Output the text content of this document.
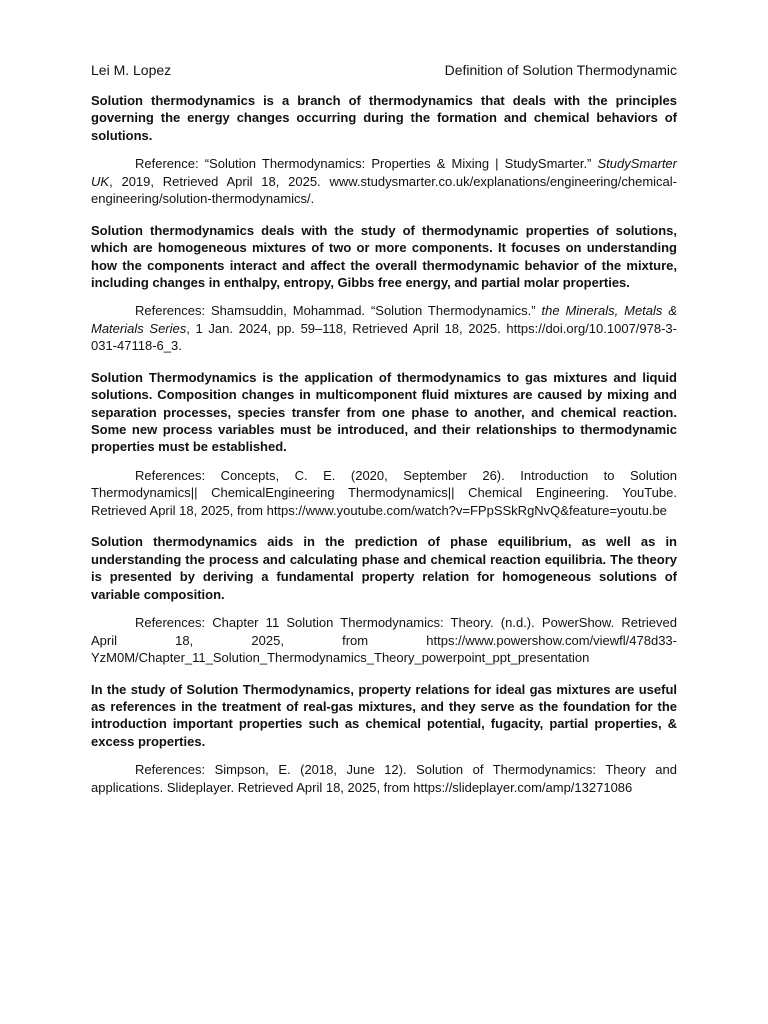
Lei M. Lopez	Definition of Solution Thermodynamic

Solution thermodynamics is a branch of thermodynamics that deals with the principles governing the energy changes occurring during the formation and chemical behaviors of solutions.

Reference: “Solution Thermodynamics: Properties & Mixing | StudySmarter.” StudySmarter UK, 2019, Retrieved April 18, 2025. www.studysmarter.co.uk/explanations/engineering/chemical-engineering/solution-thermodynamics/.

Solution thermodynamics deals with the study of thermodynamic properties of solutions, which are homogeneous mixtures of two or more components. It focuses on understanding how the components interact and affect the overall thermodynamic behavior of the mixture, including changes in enthalpy, entropy, Gibbs free energy, and partial molar properties.

References: Shamsuddin, Mohammad. “Solution Thermodynamics.” the Minerals, Metals & Materials Series, 1 Jan. 2024, pp. 59–118, Retrieved April 18, 2025. https://doi.org/10.1007/978-3-031-47118-6_3.

Solution Thermodynamics is the application of thermodynamics to gas mixtures and liquid solutions. Composition changes in multicomponent fluid mixtures are caused by mixing and separation processes, species transfer from one phase to another, and chemical reaction. Some new process variables must be introduced, and their relationships to thermodynamic properties must be established.

References: Concepts, C. E. (2020, September 26). Introduction to Solution Thermodynamics|| ChemicalEngineering Thermodynamics|| Chemical Engineering. YouTube. Retrieved April 18, 2025, from https://www.youtube.com/watch?v=FPpSSkRgNvQ&feature=youtu.be

Solution thermodynamics aids in the prediction of phase equilibrium, as well as in understanding the process and calculating phase and chemical reaction equilibria. The theory is presented by deriving a fundamental property relation for homogeneous solutions of variable composition.

References: Chapter 11 Solution Thermodynamics: Theory. (n.d.). PowerShow. Retrieved April 18, 2025, from https://www.powershow.com/viewfl/478d33-YzM0M/Chapter_11_Solution_Thermodynamics_Theory_powerpoint_ppt_presentation

In the study of Solution Thermodynamics, property relations for ideal gas mixtures are useful as references in the treatment of real-gas mixtures, and they serve as the foundation for the introduction important properties such as chemical potential, fugacity, partial properties, & excess properties.

References: Simpson, E. (2018, June 12). Solution of Thermodynamics: Theory and applications. Slideplayer. Retrieved April 18, 2025, from https://slideplayer.com/amp/13271086
